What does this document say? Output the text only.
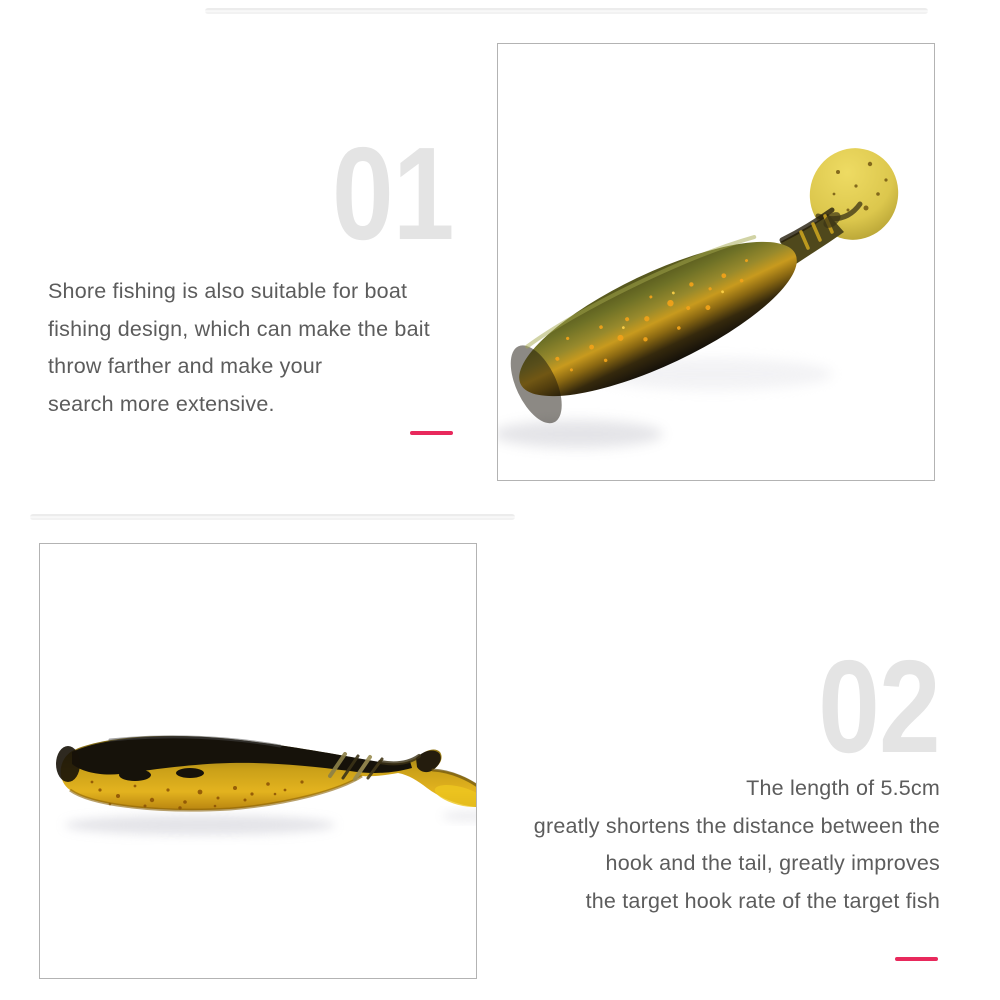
01
Shore fishing is also suitable for boat
fishing design, which can make the bait
throw farther and make your
search more extensive.
02
The length of 5.5cm
greatly shortens the distance between the
hook and the tail, greatly improves
the target hook rate of the target fish
